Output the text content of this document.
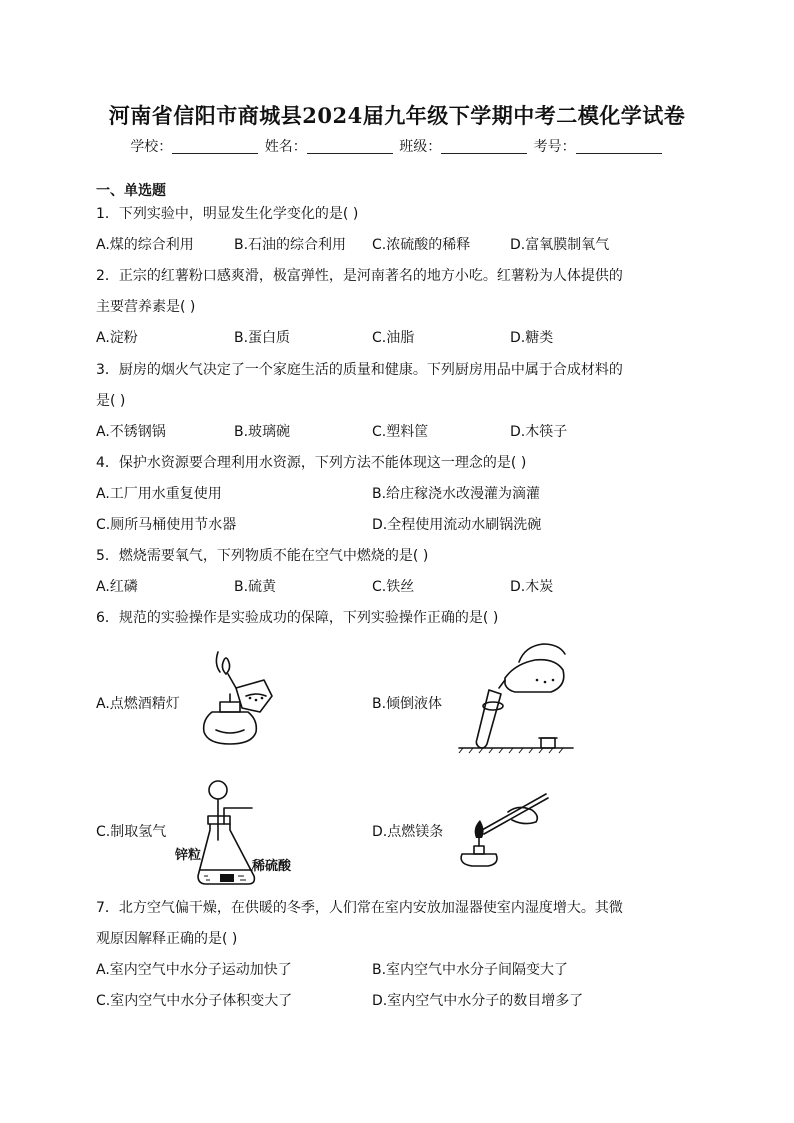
河南省信阳市商城县2024届九年级下学期中考二模化学试卷
学校：	姓名：	班级：	考号：
一、单选题
1．下列实验中，明显发生化学变化的是( )
A.煤的综合利用	B.石油的综合利用 C.浓硫酸的稀释	D.富氧膜制氧气
2．正宗的红薯粉口感爽滑，极富弹性，是河南著名的地方小吃。红薯粉为人体提供的
主要营养素是( )
A.淀粉	B.蛋白质	C.油脂	D.糖类
3．厨房的烟火气决定了一个家庭生活的质量和健康。下列厨房用品中属于合成材料的
是( )
A.不锈钢锅	B.玻璃碗	C.塑料筐	D.木筷子
4．保护水资源要合理利用水资源，下列方法不能体现这一理念的是( )
A.工厂用水重复使用	B.给庄稼浇水改漫灌为滴灌
C.厕所马桶使用节水器	D.全程使用流动水刷锅洗碗
5．燃烧需要氧气，下列物质不能在空气中燃烧的是( )
A.红磷	B.硫黄	C.铁丝	D.木炭
6．规范的实验操作是实验成功的保障，下列实验操作正确的是( )
A.点燃酒精灯	B.倾倒液体
C.制取氢气
锌粒
稀硫酸
D.点燃镁条
7．北方空气偏干燥，在供暖的冬季，人们常在室内安放加湿器使室内湿度增大。其微
观原因解释正确的是( )
A.室内空气中水分子运动加快了	B.室内空气中水分子间隔变大了
C.室内空气中水分子体积变大了	D.室内空气中水分子的数目增多了
